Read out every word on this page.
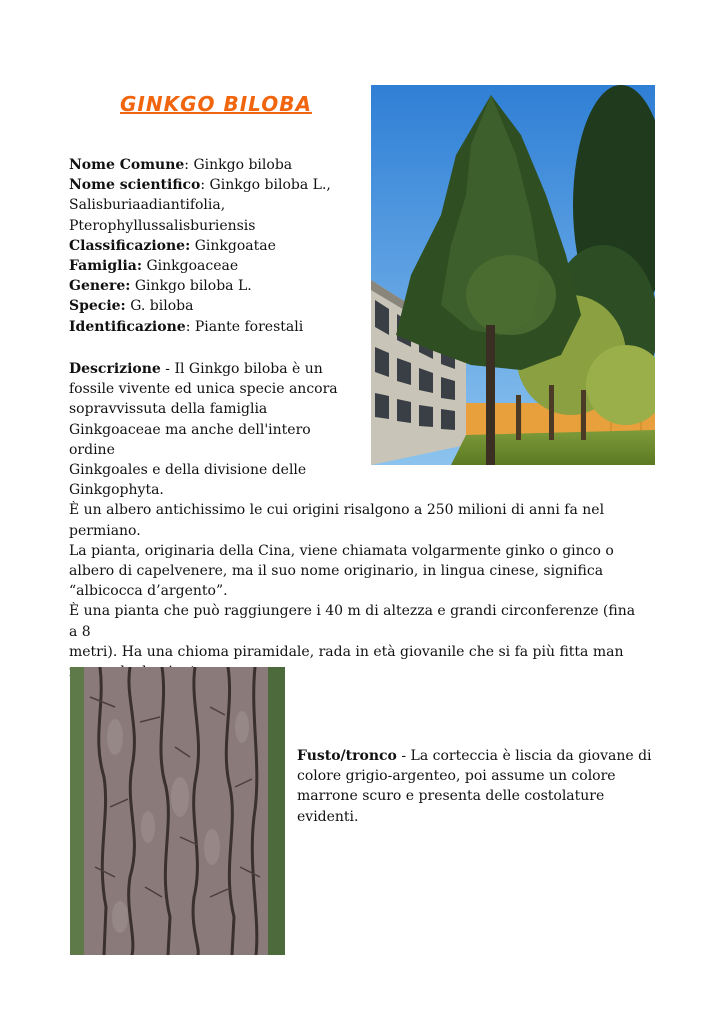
GINKGO BILOBA
Nome Comune: Ginkgo biloba
Nome scientifico: Ginkgo biloba L.,
Salisburiaadiantifolia,
Pterophyllussalisburiensis
Classificazione: Ginkgoatae
Famiglia: Ginkgoaceae
Genere: Ginkgo biloba L.
Specie: G. biloba
Identificazione: Piante forestali
Descrizione - Il Ginkgo biloba è un
fossile vivente ed unica specie ancora
sopravvissuta della famiglia
Ginkgoaceae ma anche dell'intero ordine
Ginkgoales e della divisione delle
Ginkgophyta.
È un albero antichissimo le cui origini risalgono a 250 milioni di anni fa nel
permiano.
La pianta, originaria della Cina, viene chiamata volgarmente ginko o ginco o
albero di capelvenere, ma il suo nome originario, in lingua cinese, significa
“albicocca d’argento”.
È una pianta che può raggiungere i 40 m di altezza e grandi circonferenze (fina a 8
metri). Ha una chioma piramidale, rada in età giovanile che si fa più fitta man
Fusto/tronco - La corteccia è liscia da giovane di colore grigio-argenteo, poi assume un colore marrone scuro e presenta delle costolature evidenti.
